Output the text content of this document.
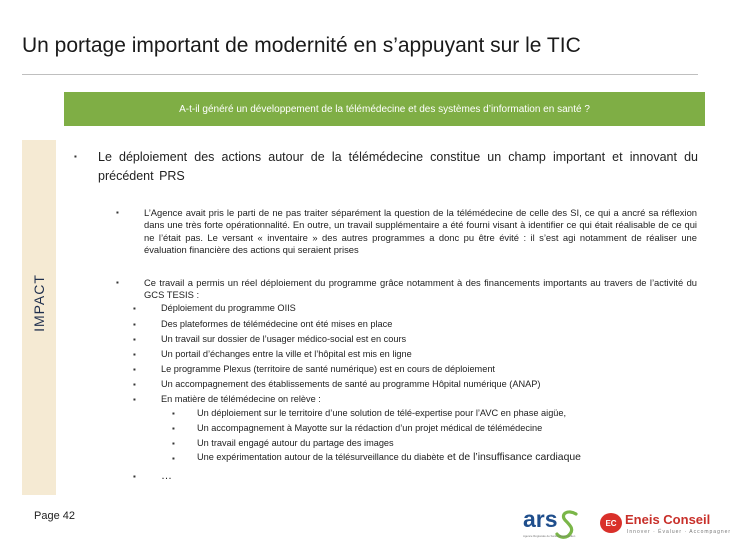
Un portage important de modernité en s’appuyant sur le TIC
A-t-il généré un développement de la télémédecine et des systèmes d’information en santé ?
IMPACT
▪ Le déploiement des actions autour de la télémédecine constitue un champ important et innovant du précédent PRS
▪	L’Agence avait pris le parti de ne pas traiter séparément la question de la télémédecine de celle des SI, ce qui a ancré sa réflexion dans une très forte opérationnalité. En outre, un travail supplémentaire a été fourni visant à identifier ce qui était réalisable de ce qui ne l’était pas. Le versant « inventaire » des autres programmes a donc pu être évité : il s’est agi notamment de réaliser une évaluation financière des actions qui seraient prises
▪	Ce travail a permis un réel déploiement du programme grâce notamment à des financements importants au travers de l’activité du GCS TESIS :
▪	Déploiement du programme OIIS
▪	Des plateformes de télémédecine ont été mises en place
▪	Un travail sur dossier de l’usager médico-social est en cours
▪	Un portail d’échanges entre la ville et l’hôpital est mis en ligne
▪	Le programme Plexus (territoire de santé numérique) est en cours de déploiement
▪	Un accompagnement des établissements de santé au programme Hôpital numérique (ANAP)
▪	En matière de télémédecine on relève :
▪ Un déploiement sur le territoire d’une solution de télé-expertise pour l’AVC en phase aigüe,
▪ Un accompagnement à Mayotte sur la rédaction d’un projet médical de télémédecine
▪ Un travail engagé autour du partage des images
▪ Une expérimentation autour de la télésurveillance du diabète et de l’insuffisance cardiaque
▪ …
Page 42	ars
Agence Régionale de Santé Océan Indien
EC Eneis Conseil
Innover · Évaluer · Accompagner
